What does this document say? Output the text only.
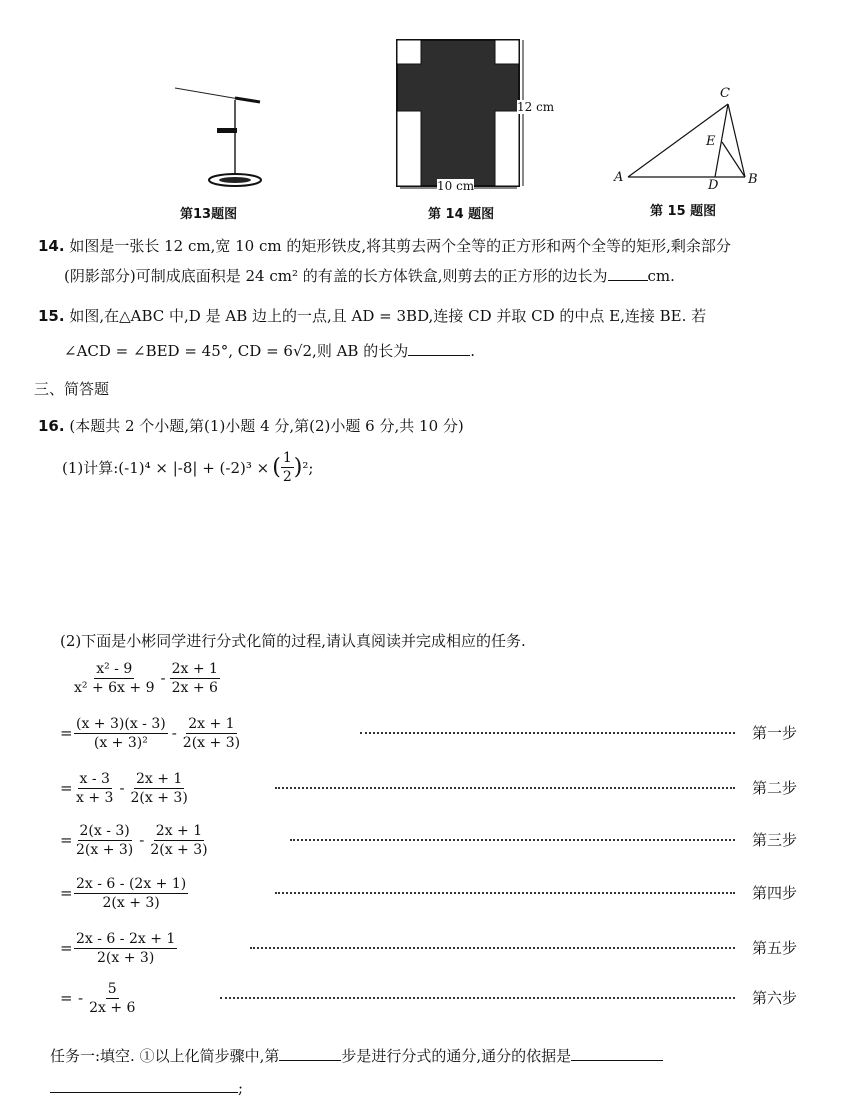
第13题图
12 cm
10 cm
第 14 题图
C
E
A
D B
第 15 题图
14. 如图是一张长 12 cm,宽 10 cm 的矩形铁皮,将其剪去两个全等的正方形和两个全等的矩形,剩余部分
(阴影部分)可制成底面积是 24 cm² 的有盖的长方体铁盒,则剪去的正方形的边长为	cm.
15. 如图,在△ABC 中,D 是 AB 边上的一点,且 AD = 3BD,连接 CD 并取 CD 的中点 E,连接 BE. 若
∠ACD = ∠BED = 45°, CD = 6√2,则 AB 的长为	.
三、简答题
16. (本题共 2 个小题,第(1)小题 4 分,第(2)小题 6 分,共 10 分)
(1)计算:(-1)⁴ × |-8| + (-2)³ × ( $\frac{1}{2}$ ) ²;
(2)下面是小彬同学进行分式化简的过程,请认真阅读并完成相应的任务.
$\frac{\text{x² - 9}}{\text{x² + 6x + 9}} - \frac{2x + 1}{2x + 6}$
= $\frac{(x + 3)(x - 3)}{\text{(x + 3)²}} - \frac{2x + 1}{2(x + 3)}$	第一步
= $\frac{x - 3}{x + 3} - \frac{2x + 1}{2(x + 3)}$	第二步
= $\frac{2(x - 3)}{2(x + 3)} - \frac{2x + 1}{2(x + 3)}$	第三步
= $\frac{2x - 6 - (2x + 1)}{2(x + 3)}$	第四步
= $\frac{2x - 6 - 2x + 1}{2(x + 3)}$	第五步
= - $\frac{5}{2x + 6}$	第六步
任务一:填空. ①以上化简步骤中,第	步是进行分式的通分,通分的依据是
;
